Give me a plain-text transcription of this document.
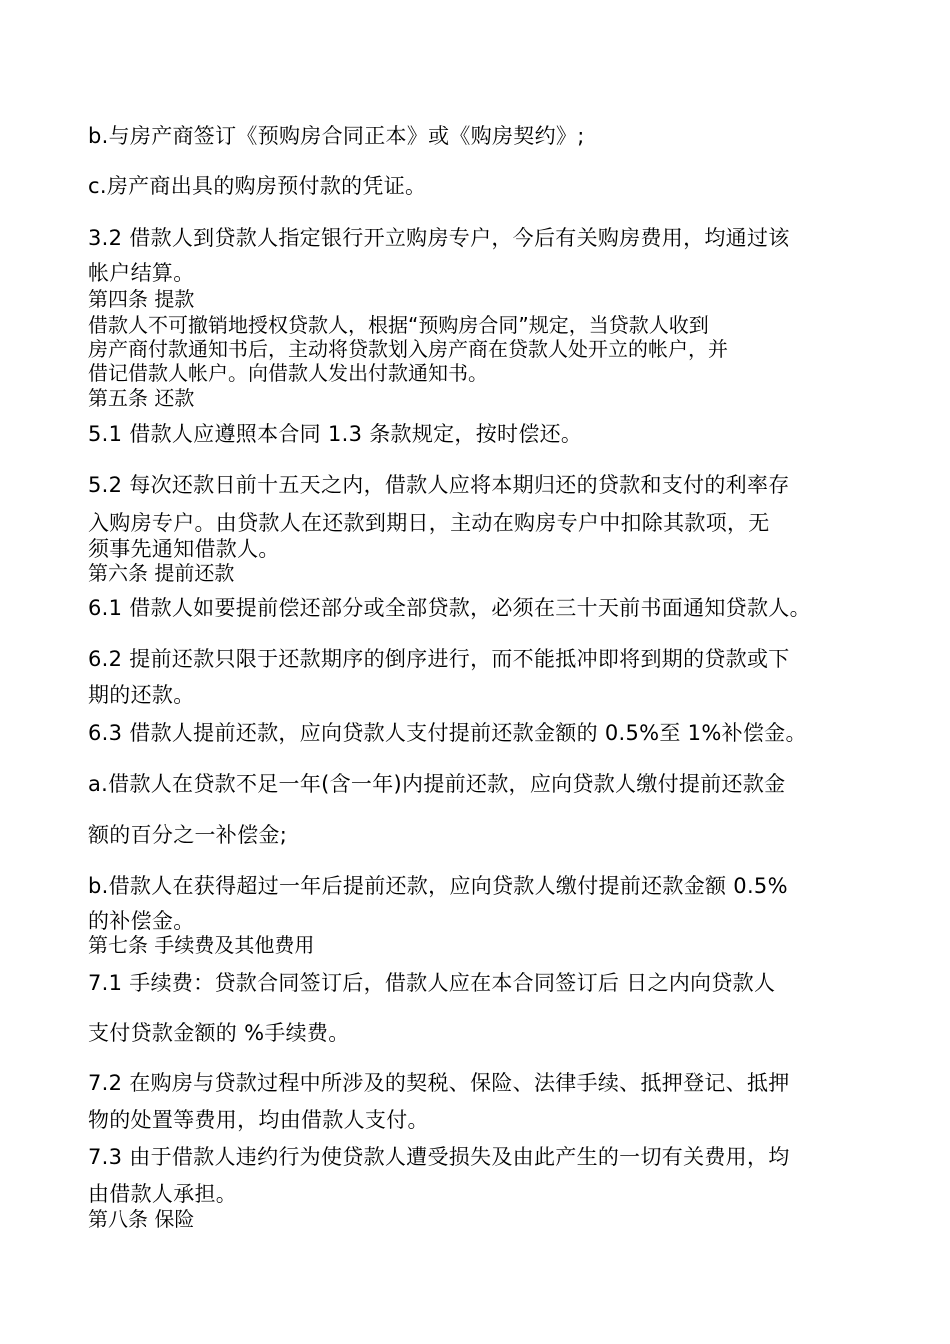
b.与房产商签订《预购房合同正本》或《购房契约》;

c.房产商出具的购房预付款的凭证。

3.2 借款人到贷款人指定银行开立购房专户，今后有关购房费用，均通过该

帐户结算。

第四条 提款

借款人不可撤销地授权贷款人，根据“预购房合同”规定，当贷款人收到

房产商付款通知书后，主动将贷款划入房产商在贷款人处开立的帐户，并

借记借款人帐户。向借款人发出付款通知书。

第五条 还款

5.1 借款人应遵照本合同 1.3 条款规定，按时偿还。

5.2 每次还款日前十五天之内，借款人应将本期归还的贷款和支付的利率存

入购房专户。由贷款人在还款到期日，主动在购房专户中扣除其款项，无

须事先通知借款人。

第六条 提前还款

6.1 借款人如要提前偿还部分或全部贷款，必须在三十天前书面通知贷款人。

6.2 提前还款只限于还款期序的倒序进行，而不能抵冲即将到期的贷款或下

期的还款。

6.3 借款人提前还款，应向贷款人支付提前还款金额的 0.5%至 1%补偿金。

a.借款人在贷款不足一年(含一年)内提前还款，应向贷款人缴付提前还款金

额的百分之一补偿金;

b.借款人在获得超过一年后提前还款，应向贷款人缴付提前还款金额 0.5%

的补偿金。

第七条 手续费及其他费用

7.1 手续费：贷款合同签订后，借款人应在本合同签订后 日之内向贷款人

支付贷款金额的 %手续费。

7.2 在购房与贷款过程中所涉及的契税、保险、法律手续、抵押登记、抵押

物的处置等费用，均由借款人支付。

7.3 由于借款人违约行为使贷款人遭受损失及由此产生的一切有关费用，均

由借款人承担。

第八条 保险
